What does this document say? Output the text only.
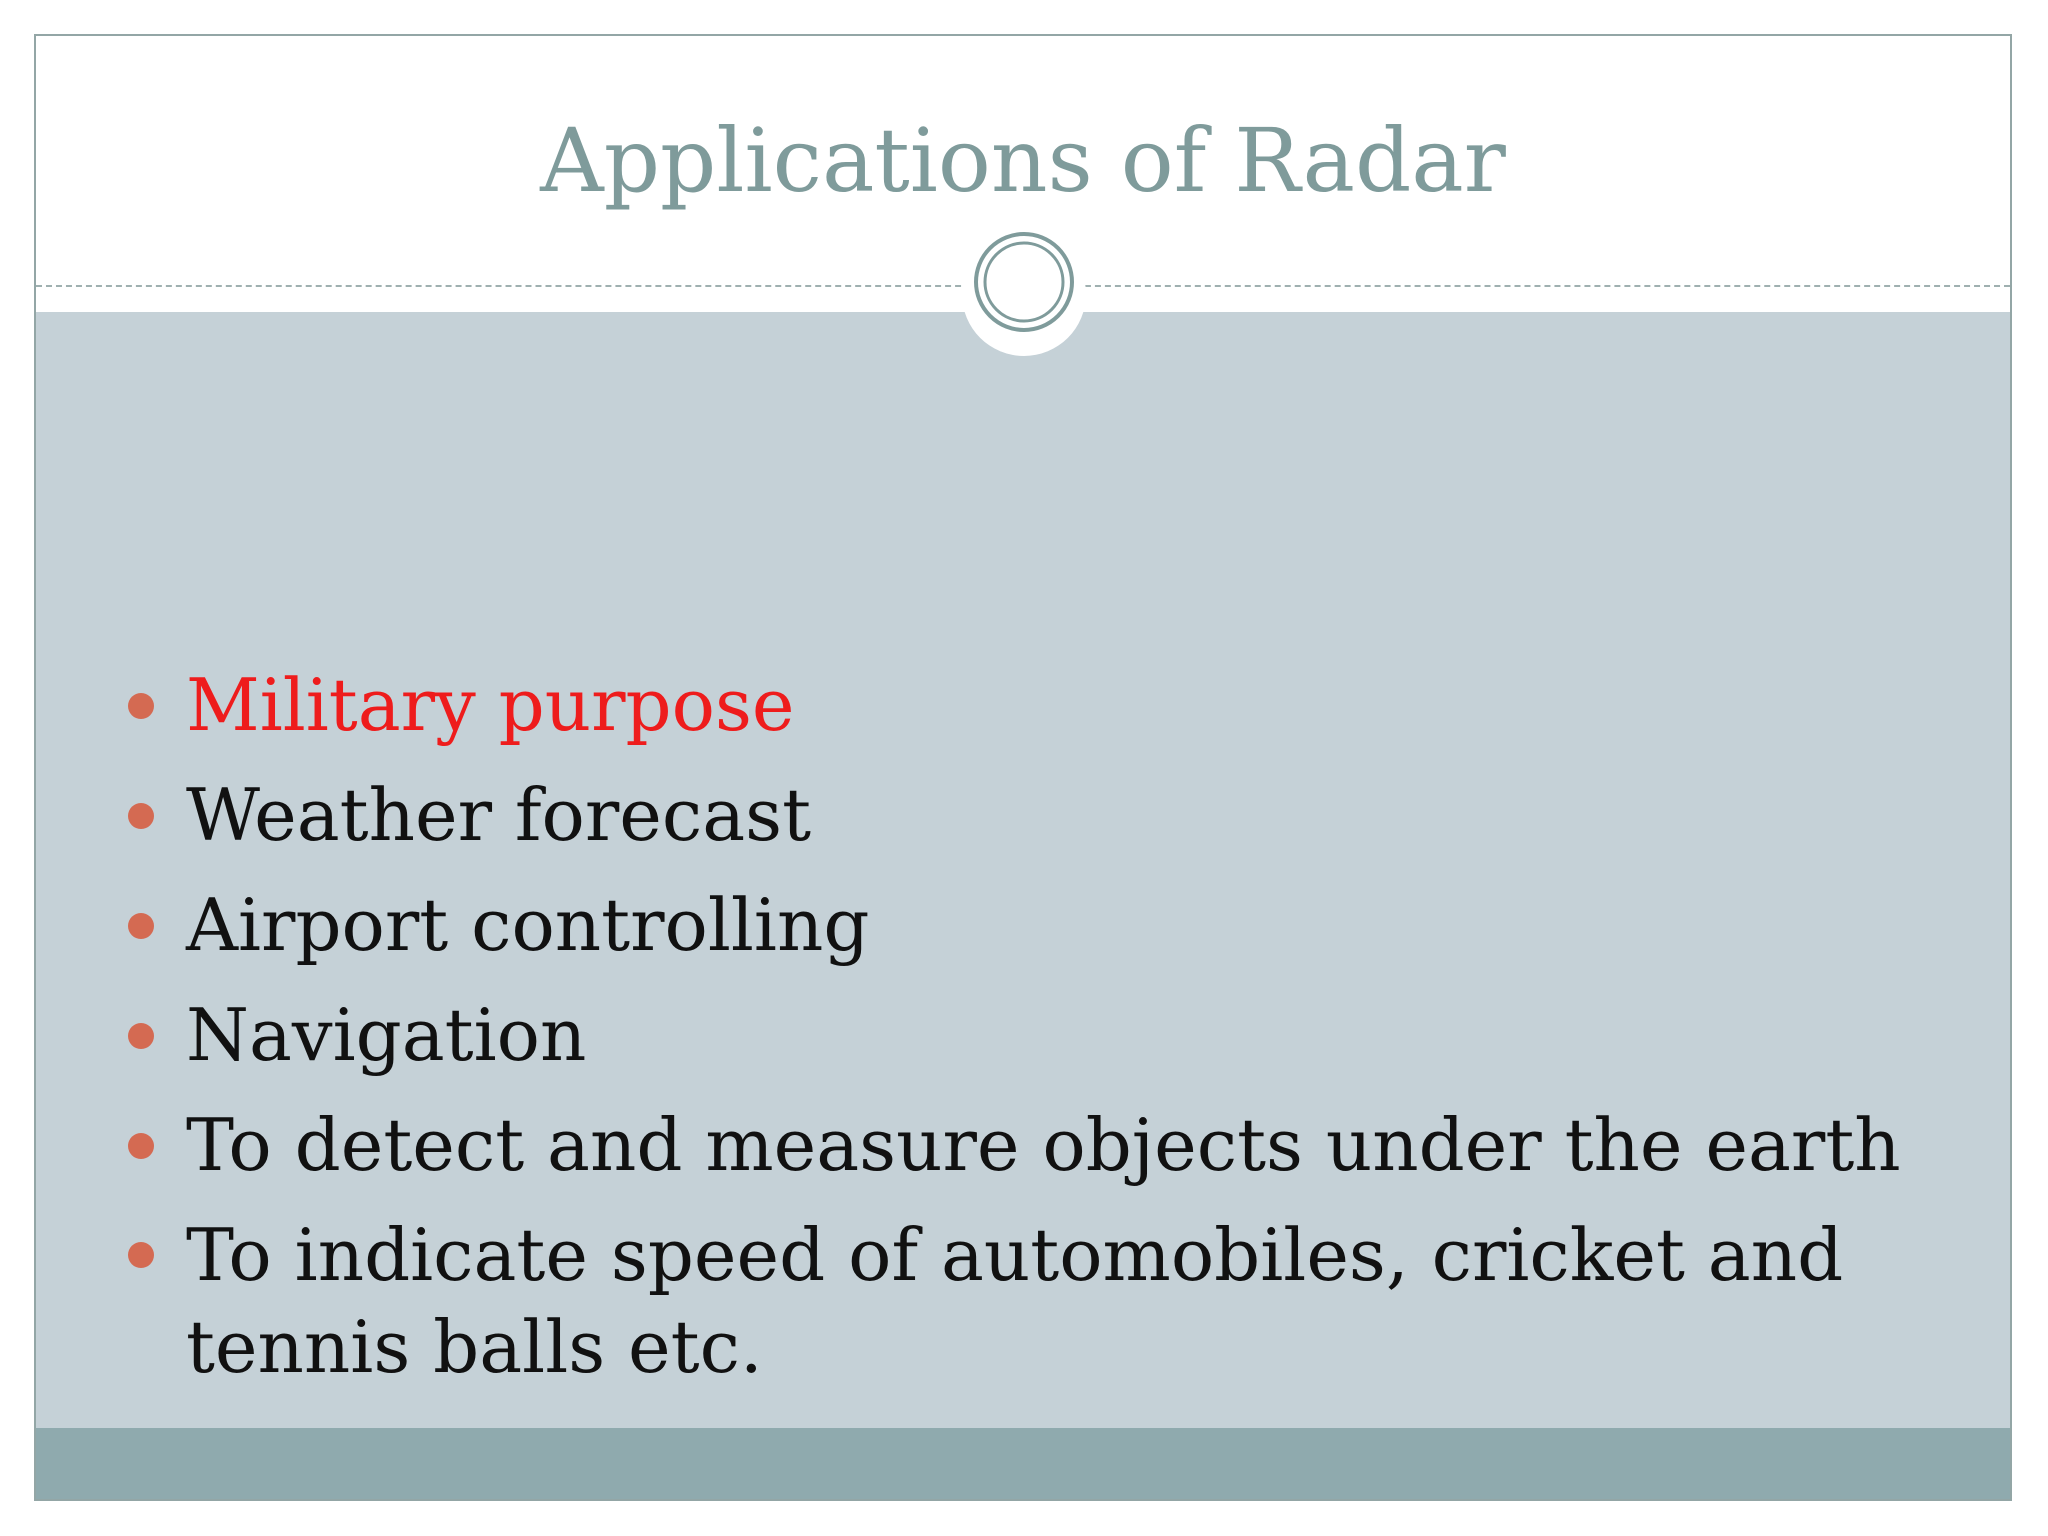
Applications of Radar
Military purpose
Weather forecast
Airport controlling
Navigation
To detect and measure objects under the earth
To indicate speed of automobiles, cricket and tennis balls etc.
